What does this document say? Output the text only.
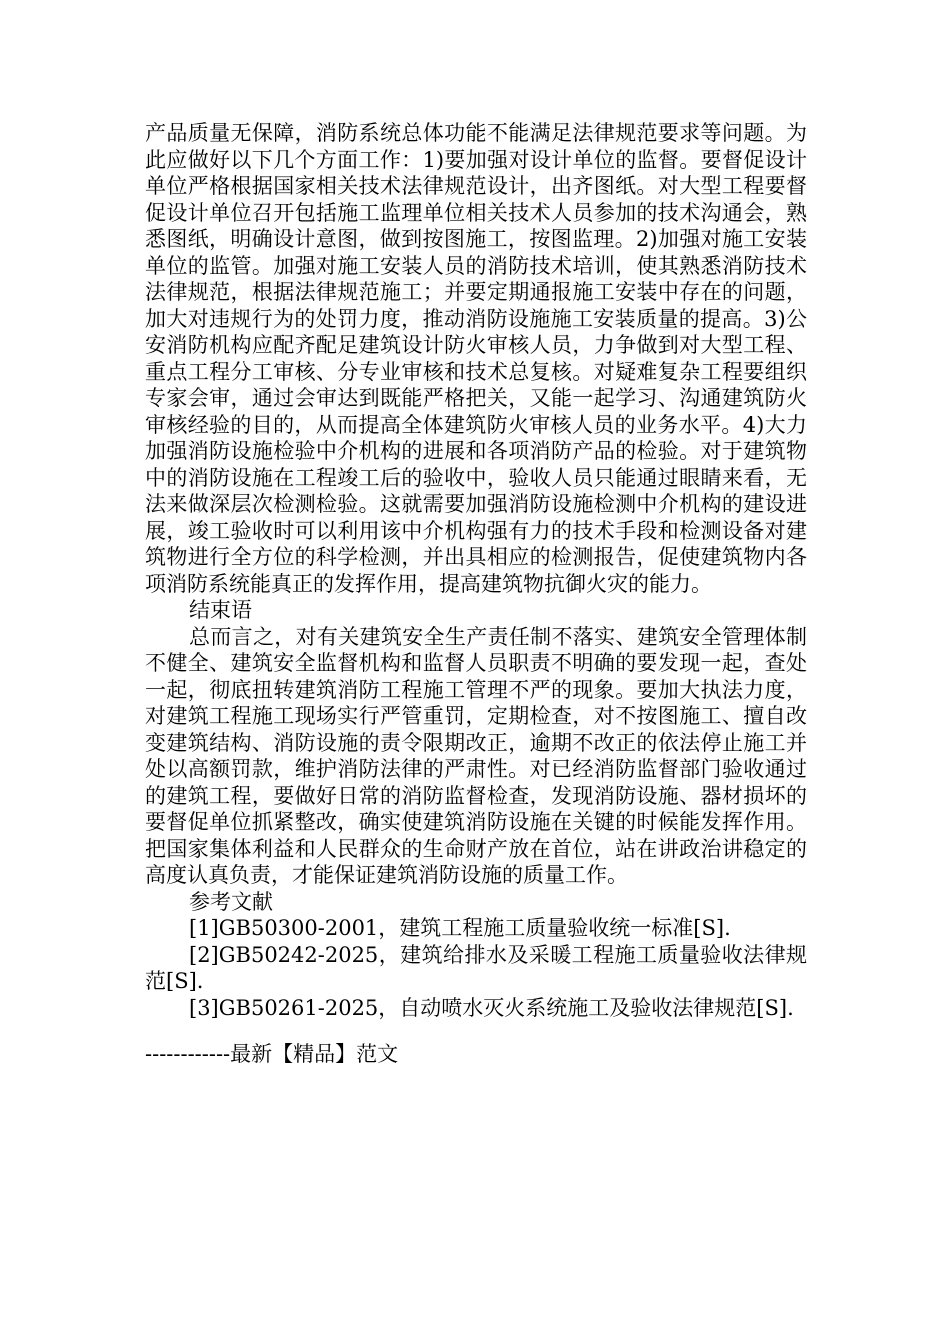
产品质量无保障，消防系统总体功能不能满足法律规范要求等问题。为此应做好以下几个方面工作：1)要加强对设计单位的监督。要督促设计单位严格根据国家相关技术法律规范设计，出齐图纸。对大型工程要督促设计单位召开包括施工监理单位相关技术人员参加的技术沟通会，熟悉图纸，明确设计意图，做到按图施工，按图监理。2)加强对施工安装单位的监管。加强对施工安装人员的消防技术培训，使其熟悉消防技术法律规范，根据法律规范施工；并要定期通报施工安装中存在的问题，加大对违规行为的处罚力度，推动消防设施施工安装质量的提高。3)公安消防机构应配齐配足建筑设计防火审核人员，力争做到对大型工程、重点工程分工审核、分专业审核和技术总复核。对疑难复杂工程要组织专家会审，通过会审达到既能严格把关，又能一起学习、沟通建筑防火审核经验的目的，从而提高全体建筑防火审核人员的业务水平。4)大力加强消防设施检验中介机构的进展和各项消防产品的检验。对于建筑物中的消防设施在工程竣工后的验收中，验收人员只能通过眼睛来看，无法来做深层次检测检验。这就需要加强消防设施检测中介机构的建设进展，竣工验收时可以利用该中介机构强有力的技术手段和检测设备对建筑物进行全方位的科学检测，并出具相应的检测报告，促使建筑物内各项消防系统能真正的发挥作用，提高建筑物抗御火灾的能力。

结束语

总而言之，对有关建筑安全生产责任制不落实、建筑安全管理体制不健全、建筑安全监督机构和监督人员职责不明确的要发现一起，查处一起，彻底扭转建筑消防工程施工管理不严的现象。要加大执法力度，对建筑工程施工现场实行严管重罚，定期检查，对不按图施工、擅自改变建筑结构、消防设施的责令限期改正，逾期不改正的依法停止施工并处以高额罚款，维护消防法律的严肃性。对已经消防监督部门验收通过的建筑工程，要做好日常的消防监督检查，发现消防设施、器材损坏的要督促单位抓紧整改，确实使建筑消防设施在关键的时候能发挥作用。把国家集体利益和人民群众的生命财产放在首位，站在讲政治讲稳定的高度认真负责，才能保证建筑消防设施的质量工作。

参考文献

[1]GB50300-2001，建筑工程施工质量验收统一标准[S].

[2]GB50242-2025，建筑给排水及采暖工程施工质量验收法律规范[S].

[3]GB50261-2025，自动喷水灭火系统施工及验收法律规范[S].

------------最新【精品】范文
